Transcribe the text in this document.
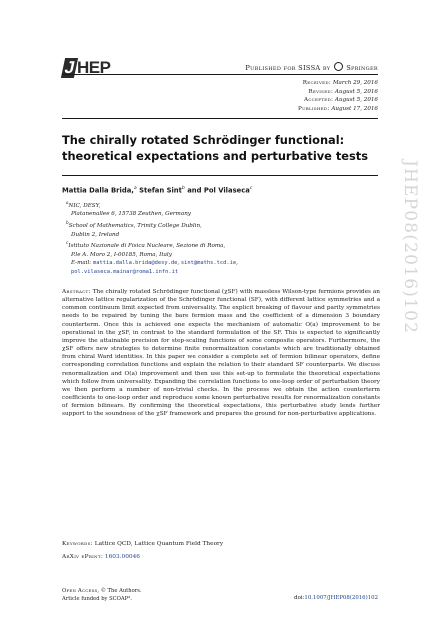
JHEP	Published for SISSA by Springer
Received: March 29, 2016
Revised: August 5, 2016
Accepted: August 5, 2016
Published: August 17, 2016
The chirally rotated Schrödinger functional:
theoretical expectations and perturbative tests
Mattia Dalla Brida,$^a$ Stefan Sint$^b$ and Pol Vilaseca$^c$
$^a$NIC, DESY,
Platanenallee 6, 15738 Zeuthen, Germany
$^b$School of Mathematics, Trinity College Dublin,
Dublin 2, Ireland
$^c$Istituto Nazionale di Fisica Nucleare, Sezione di Roma,
P.le A. Moro 2, I-00185, Roma, Italy
E-mail: mattia.dalla.brida@desy.de, sint@maths.tcd.ie,
pol.vilaseca.mainar@roma1.infn.it
Abstract: The chirally rotated Schrödinger functional (χSF) with massless Wilson-type fermions provides an alternative lattice regularization of the Schrödinger functional (SF), with different lattice symmetries and a common continuum limit expected from universality. The explicit breaking of flavour and parity symmetries needs to be repaired by tuning the bare fermion mass and the coefficient of a dimension 3 boundary counterterm. Once this is achieved one expects the mechanism of automatic O(a) improvement to be operational in the χSF, in contrast to the standard formulation of the SF. This is expected to significantly improve the attainable precision for step-scaling functions of some composite operators. Furthermore, the χSF offers new strategies to determine finite renormalization constants which are traditionally obtained from chiral Ward identities. In this paper we consider a complete set of fermion bilinear operators, define corresponding correlation functions and explain the relation to their standard SF counterparts. We discuss renormalization and O(a) improvement and then use this set-up to formulate the theoretical expectations which follow from universality. Expanding the correlation functions to one-loop order of perturbation theory we then perform a number of non-trivial checks. In the process we obtain the action counterterm coefficients to one-loop order and reproduce some known perturbative results for renormalization constants of fermion bilinears. By confirming the theoretical expectations, this perturbative study lends further support to the soundness of the χSF framework and prepares the ground for non-perturbative applications.
Keywords: Lattice QCD, Lattice Quantum Field Theory
ArXiv ePrint: 1603.00046
Open Access, © The Authors.
Article funded by SCOAP³.	doi:10.1007/JHEP08(2016)102
JHEP08(2016)102
